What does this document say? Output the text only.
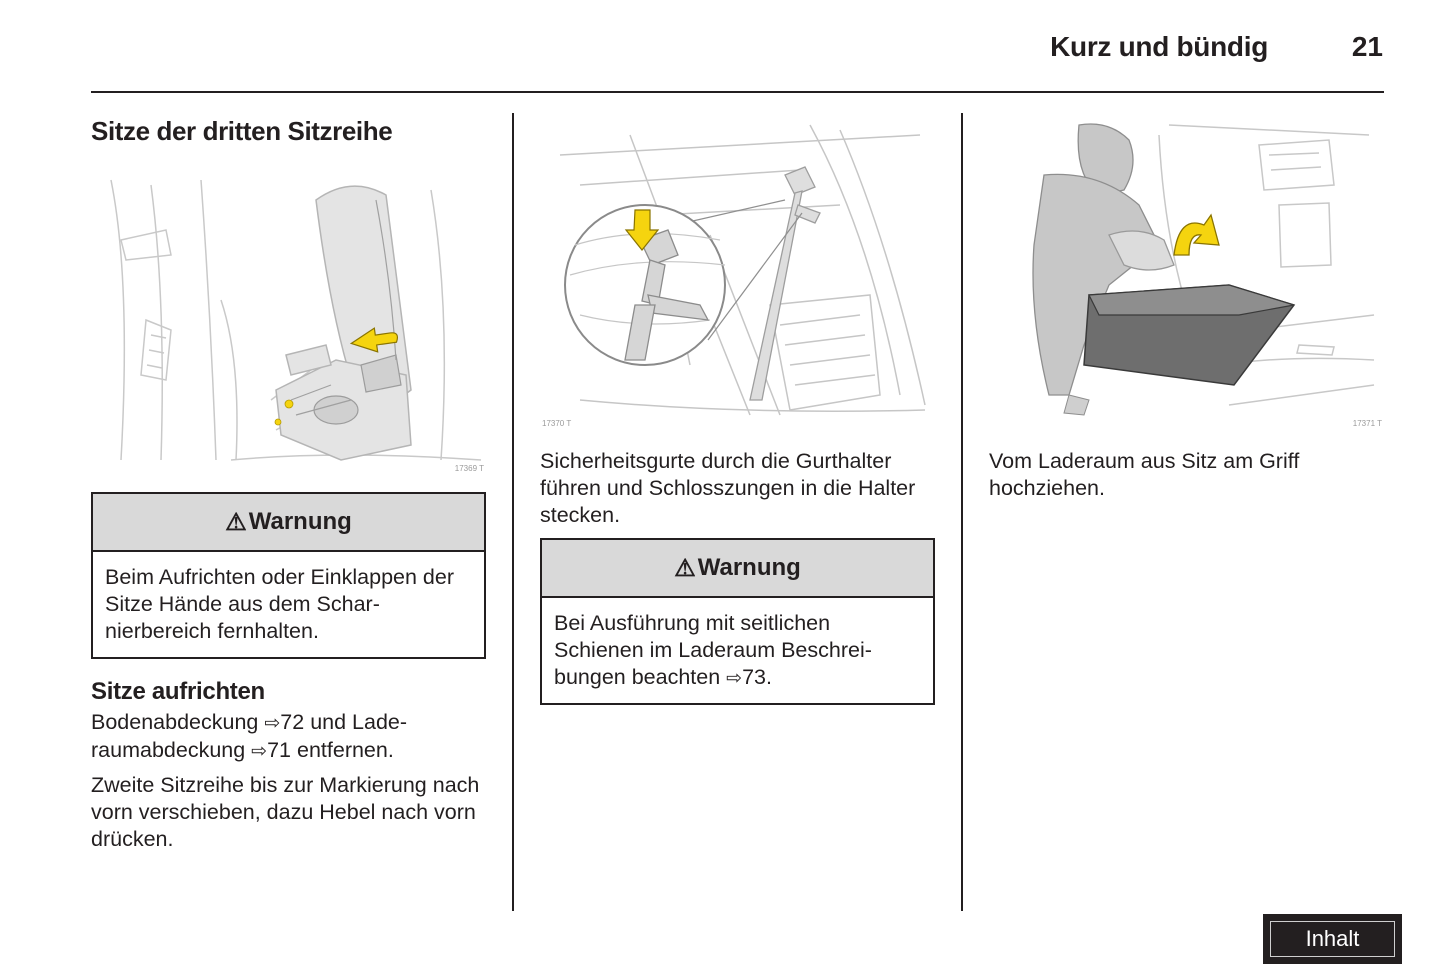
Kurz und bündig	21
Sitze der dritten Sitzreihe
17369 T
⚠ Warnung
Beim Aufrichten oder Einklappen der Sitze Hände aus dem Scharnierbereich fernhalten.
Sitze aufrichten
Bodenabdeckung ⇨72 und Laderaumabdeckung ⇨71 entfernen.
Zweite Sitzreihe bis zur Markierung nach vorn verschieben, dazu Hebel nach vorn drücken.
17370 T
Sicherheitsgurte durch die Gurthalter führen und Schlosszungen in die Halter stecken.
⚠ Warnung
Bei Ausführung mit seitlichen Schienen im Laderaum Beschreibungen beachten ⇨73.
17371 T
Vom Laderaum aus Sitz am Griff hochziehen.
Inhalt
